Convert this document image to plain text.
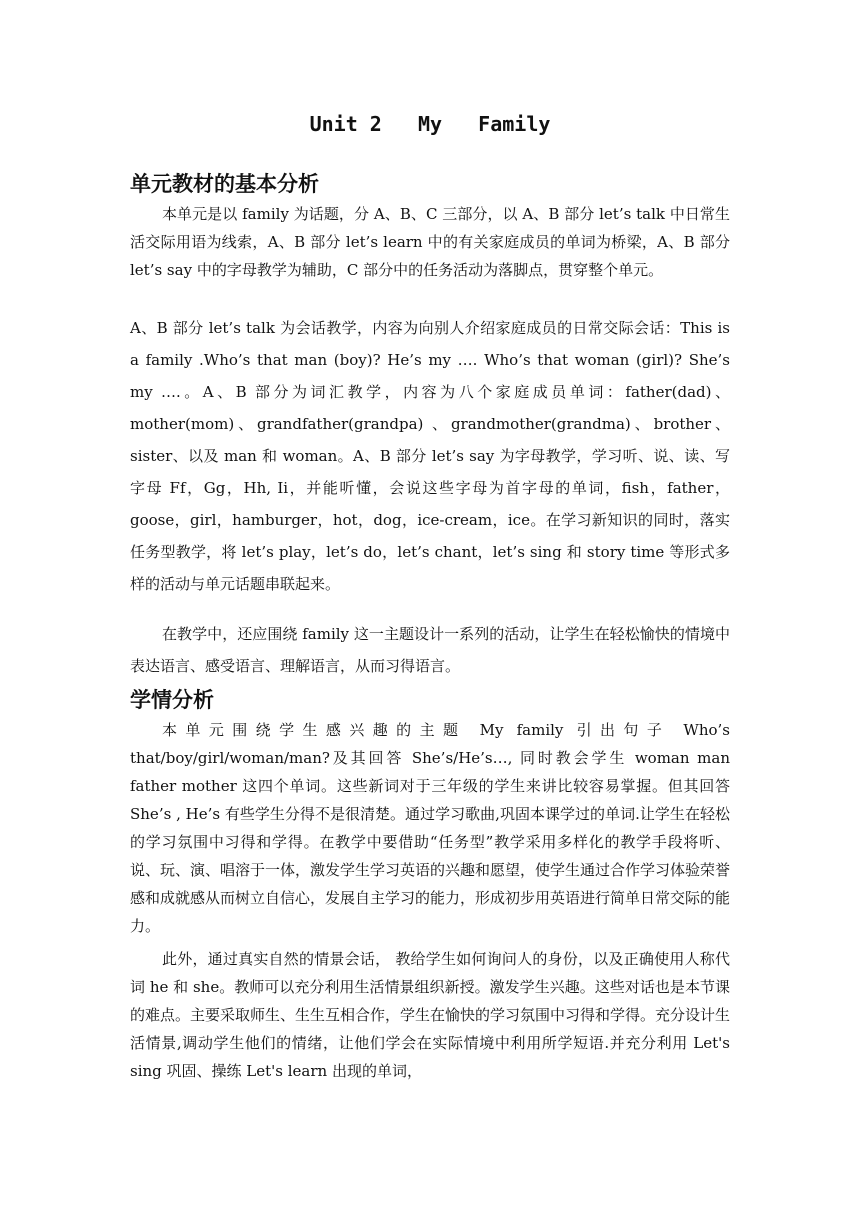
Unit 2   My   Family
单元教材的基本分析

本单元是以 family 为话题，分 A、B、C 三部分，以 A、B 部分 let’s talk 中日常生活交际用语为线索，A、B 部分 let’s learn 中的有关家庭成员的单词为桥梁，A、B 部分 let’s say 中的字母教学为辅助，C 部分中的任务活动为落脚点，贯穿整个单元。

A、B 部分 let’s talk 为会话教学，内容为向别人介绍家庭成员的日常交际会话：This is a family .Who’s that man (boy)? He’s my …. Who’s that woman (girl)? She’s my ….。A、B 部分为词汇教学，内容为八个家庭成员单词：father(dad)、mother(mom)、grandfather(grandpa) 、grandmother(grandma)、brother、sister、以及 man 和 woman。A、B 部分 let’s say 为字母教学，学习听、说、读、写字母 Ff，Gg，Hh, Ii，并能听懂，会说这些字母为首字母的单词，fish，father，goose，girl，hamburger，hot，dog，ice-cream，ice。在学习新知识的同时，落实任务型教学，将 let’s play，let’s do，let’s chant，let’s sing 和 story time 等形式多样的活动与单元话题串联起来。

在教学中，还应围绕 family 这一主题设计一系列的活动，让学生在轻松愉快的情境中表达语言、感受语言、理解语言，从而习得语言。

学情分析

本单元围绕学生感兴趣的主题 My family 引出句子 Who’s that/boy/girl/woman/man?及其回答 She’s/He’s…, 同时教会学生 woman man father mother 这四个单词。这些新词对于三年级的学生来讲比较容易掌握。但其回答 She’s , He’s 有些学生分得不是很清楚。通过学习歌曲,巩固本课学过的单词.让学生在轻松的学习氛围中习得和学得。在教学中要借助“任务型”教学采用多样化的教学手段将听、说、玩、演、唱溶于一体，激发学生学习英语的兴趣和愿望，使学生通过合作学习体验荣誉感和成就感从而树立自信心，发展自主学习的能力，形成初步用英语进行简单日常交际的能力。

此外，通过真实自然的情景会话， 教给学生如何询问人的身份，以及正确使用人称代词 he 和 she。教师可以充分利用生活情景组织新授。激发学生兴趣。这些对话也是本节课的难点。主要采取师生、生生互相合作，学生在愉快的学习氛围中习得和学得。充分设计生活情景,调动学生他们的情绪，让他们学会在实际情境中利用所学短语.并充分利用 Let's sing 巩固、操练 Let's learn 出现的单词，
